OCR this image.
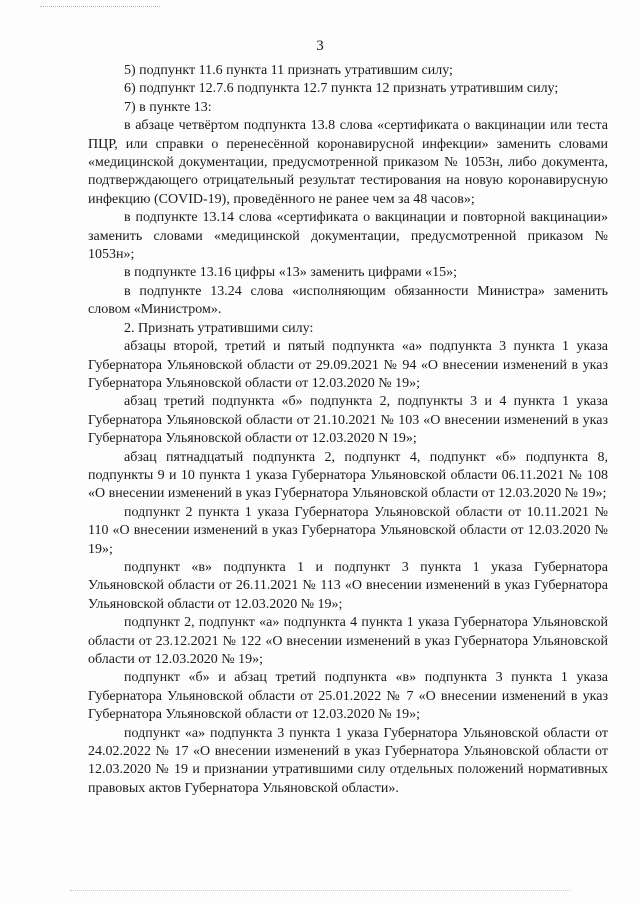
3

5) подпункт 11.6 пункта 11 признать утратившим силу;

6) подпункт 12.7.6 подпункта 12.7 пункта 12 признать утратившим силу;

7) в пункте 13:

в абзаце четвёртом подпункта 13.8 слова «сертификата о вакцинации или теста ПЦР, или справки о перенесённой коронавирусной инфекции» заменить словами «медицинской документации, предусмотренной приказом № 1053н, либо документа, подтверждающего отрицательный результат тестирования на новую коронавирусную инфекцию (COVID-19), проведённого не ранее чем за 48 часов»;

в подпункте 13.14 слова «сертификата о вакцинации и повторной вакцинации» заменить словами «медицинской документации, предусмотренной приказом № 1053н»;

в подпункте 13.16 цифры «13» заменить цифрами «15»;

в подпункте 13.24 слова «исполняющим обязанности Министра» заменить словом «Министром».

2. Признать утратившими силу:

абзацы второй, третий и пятый подпункта «а» подпункта 3 пункта 1 указа Губернатора Ульяновской области от 29.09.2021 № 94 «О внесении изменений в указ Губернатора Ульяновской области от 12.03.2020 № 19»;

абзац третий подпункта «б» подпункта 2, подпункты 3 и 4 пункта 1 указа Губернатора Ульяновской области от 21.10.2021 № 103 «О внесении изменений в указ Губернатора Ульяновской области от 12.03.2020 N 19»;

абзац пятнадцатый подпункта 2, подпункт 4, подпункт «б» подпункта 8, подпункты 9 и 10 пункта 1 указа Губернатора Ульяновской области 06.11.2021 № 108 «О внесении изменений в указ Губернатора Ульяновской области от 12.03.2020 № 19»;

подпункт 2 пункта 1 указа Губернатора Ульяновской области от 10.11.2021 № 110 «О внесении изменений в указ Губернатора Ульяновской области от 12.03.2020 № 19»;

подпункт «в» подпункта 1 и подпункт 3 пункта 1 указа Губернатора Ульяновской области от 26.11.2021 № 113 «О внесении изменений в указ Губернатора Ульяновской области от 12.03.2020 № 19»;

подпункт 2, подпункт «а» подпункта 4 пункта 1 указа Губернатора Ульяновской области от 23.12.2021 № 122 «О внесении изменений в указ Губернатора Ульяновской области от 12.03.2020 № 19»;

подпункт «б» и абзац третий подпункта «в» подпункта 3 пункта 1 указа Губернатора Ульяновской области от 25.01.2022 № 7 «О внесении изменений в указ Губернатора Ульяновской области от 12.03.2020 № 19»;

подпункт «а» подпункта 3 пункта 1 указа Губернатора Ульяновской области от 24.02.2022 № 17 «О внесении изменений в указ Губернатора Ульяновской области от 12.03.2020 № 19 и признании утратившими силу отдельных положений нормативных правовых актов Губернатора Ульяновской области».
